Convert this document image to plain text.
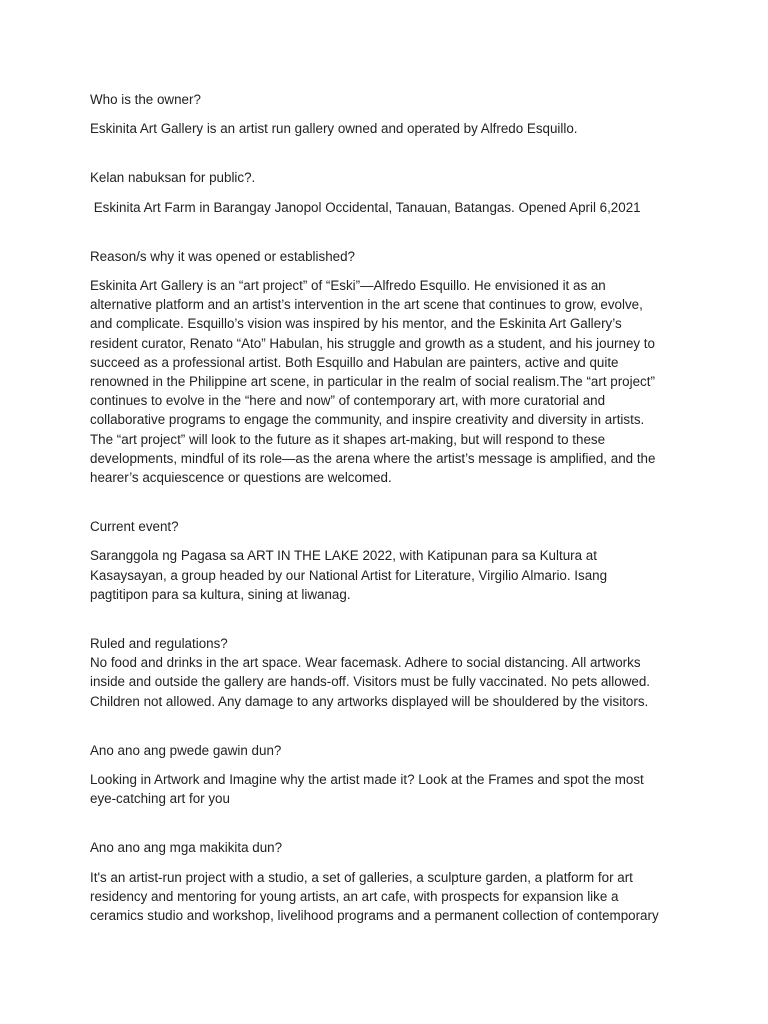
Who is the owner?

Eskinita Art Gallery is an artist run gallery owned and operated by Alfredo Esquillo.

Kelan nabuksan for public?.

Eskinita Art Farm in Barangay Janopol Occidental, Tanauan, Batangas. Opened April 6,2021

Reason/s why it was opened or established?

Eskinita Art Gallery is an “art project” of “Eski”—Alfredo Esquillo. He envisioned it as an
alternative platform and an artist’s intervention in the art scene that continues to grow, evolve,
and complicate. Esquillo’s vision was inspired by his mentor, and the Eskinita Art Gallery’s
resident curator, Renato “Ato” Habulan, his struggle and growth as a student, and his journey to
succeed as a professional artist. Both Esquillo and Habulan are painters, active and quite
renowned in the Philippine art scene, in particular in the realm of social realism.The “art project”
continues to evolve in the “here and now” of contemporary art, with more curatorial and
collaborative programs to engage the community, and inspire creativity and diversity in artists.
The “art project” will look to the future as it shapes art-making, but will respond to these
developments, mindful of its role—as the arena where the artist’s message is amplified, and the
hearer’s acquiescence or questions are welcomed.

Current event?

Saranggola ng Pagasa sa ART IN THE LAKE 2022, with Katipunan para sa Kultura at
Kasaysayan, a group headed by our National Artist for Literature, Virgilio Almario. Isang
pagtitipon para sa kultura, sining at liwanag.

Ruled and regulations?

No food and drinks in the art space. Wear facemask. Adhere to social distancing. All artworks
inside and outside the gallery are hands-off. Visitors must be fully vaccinated. No pets allowed.
Children not allowed. Any damage to any artworks displayed will be shouldered by the visitors.

Ano ano ang pwede gawin dun?

Looking in Artwork and Imagine why the artist made it? Look at the Frames and spot the most
eye-catching art for you

Ano ano ang mga makikita dun?

It's an artist-run project with a studio, a set of galleries, a sculpture garden, a platform for art
residency and mentoring for young artists, an art cafe, with prospects for expansion like a
ceramics studio and workshop, livelihood programs and a permanent collection of contemporary
